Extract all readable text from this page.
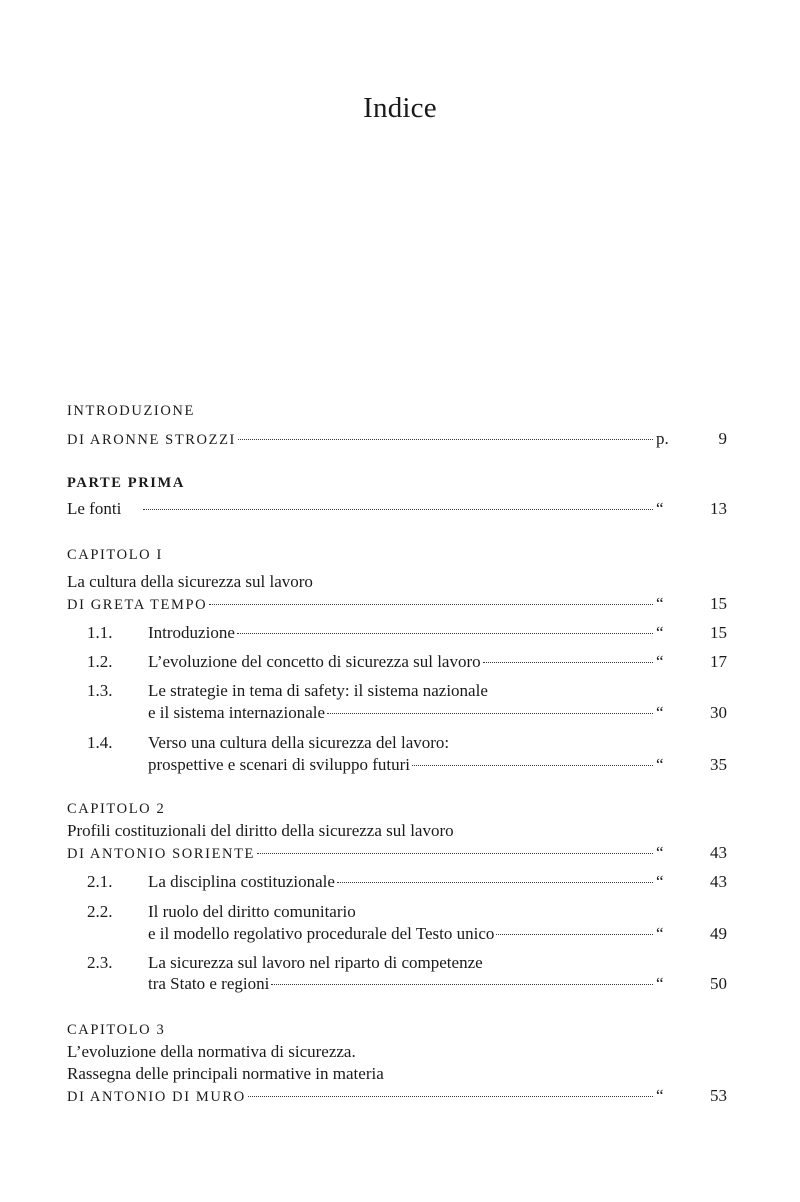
Indice
INTRODUZIONE
DI ARONNE STROZZI	p.	9
PARTE PRIMA
Le fonti	“	13
CAPITOLO I
La cultura della sicurezza sul lavoro
DI GRETA TEMPO	“	15
1.1.	Introduzione	“	15
1.2.	L’evoluzione del concetto di sicurezza sul lavoro	“	17
1.3.	Le strategie in tema di safety: il sistema nazionale
e il sistema internazionale	“	30
1.4.	Verso una cultura della sicurezza del lavoro:
prospettive e scenari di sviluppo futuri	“	35
CAPITOLO 2
Profili costituzionali del diritto della sicurezza sul lavoro
DI ANTONIO SORIENTE	“	43
2.1.	La disciplina costituzionale	“	43
2.2.	Il ruolo del diritto comunitario
e il modello regolativo procedurale del Testo unico	“	49
2.3.	La sicurezza sul lavoro nel riparto di competenze
tra Stato e regioni	“	50
CAPITOLO 3
L’evoluzione della normativa di sicurezza.
Rassegna delle principali normative in materia
DI ANTONIO DI MURO	“	53
